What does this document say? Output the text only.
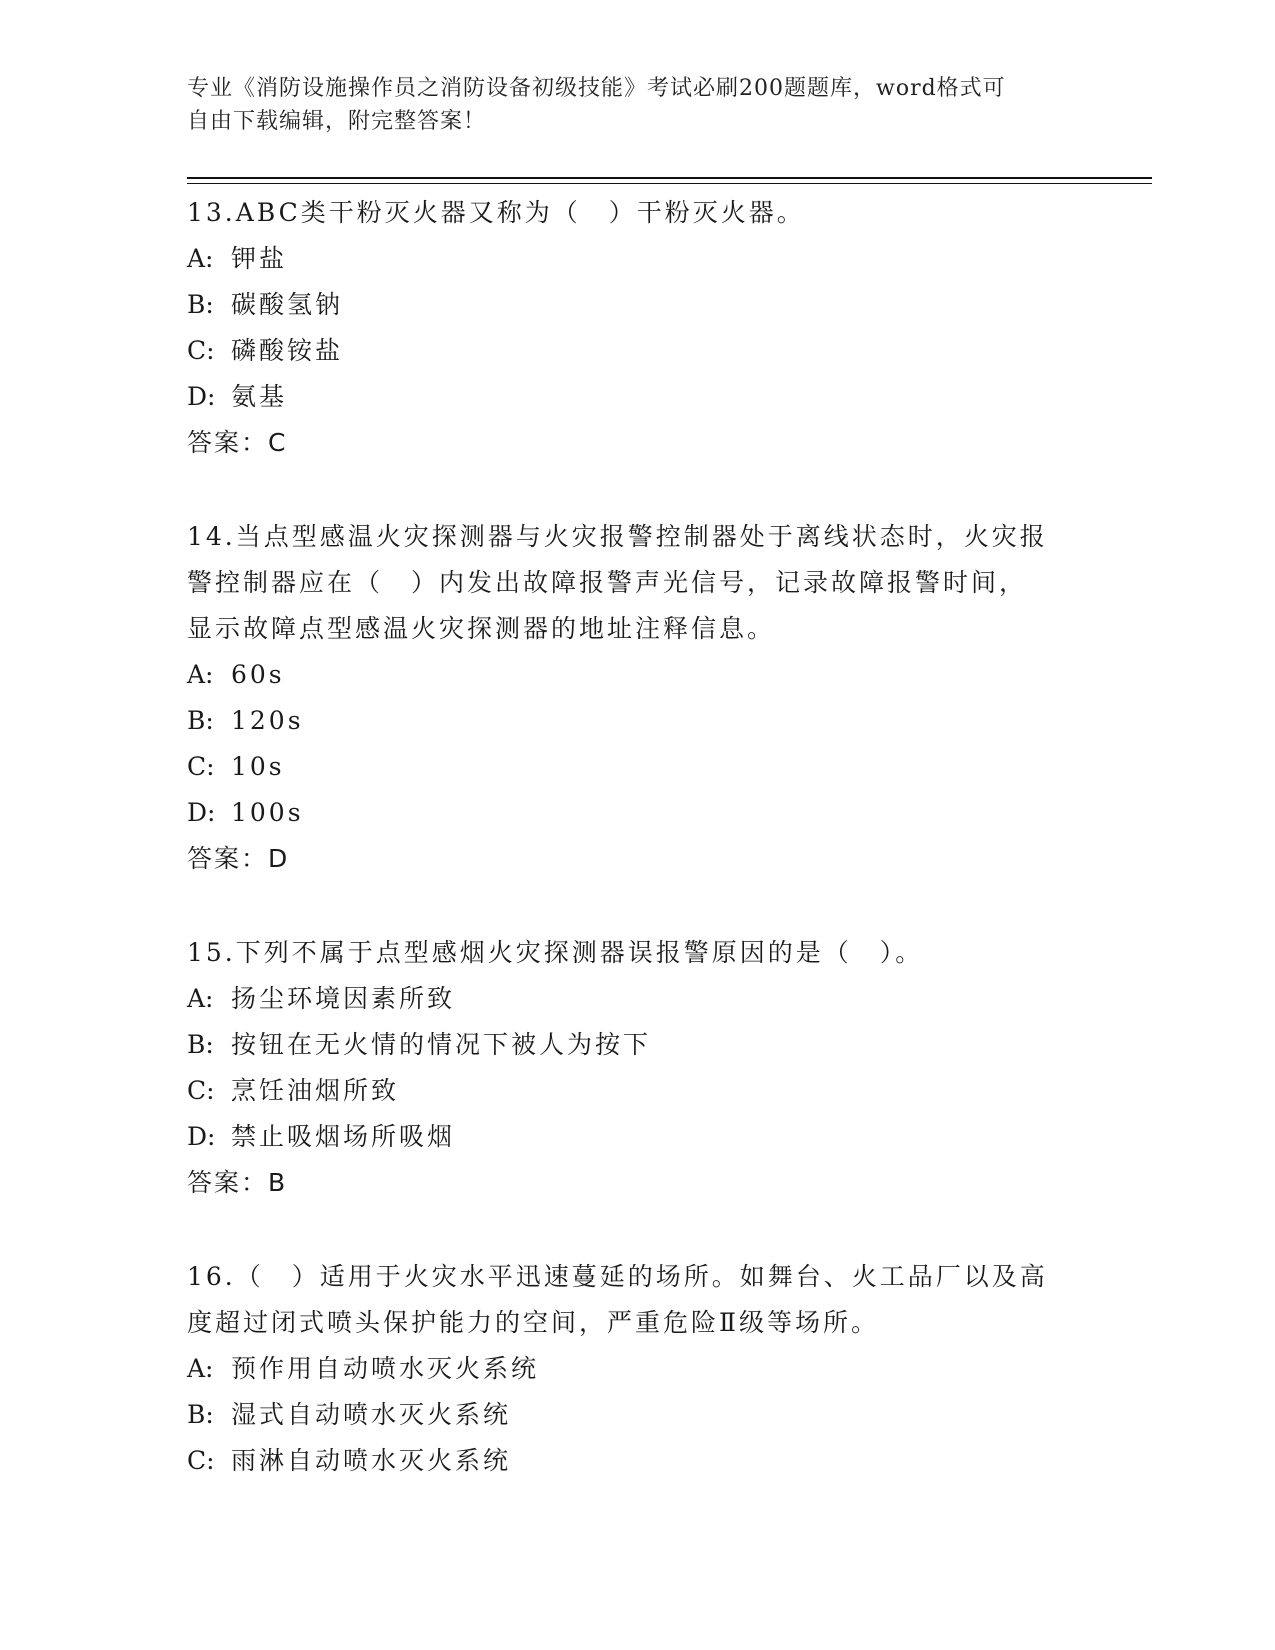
专业《消防设施操作员之消防设备初级技能》考试必刷200题题库，word格式可
自由下载编辑，附完整答案！
13.ABC类干粉灭火器又称为（　）干粉灭火器。
A: 钾盐
B: 碳酸氢钠
C: 磷酸铵盐
D: 氨基
答案：C
14.当点型感温火灾探测器与火灾报警控制器处于离线状态时，火灾报
警控制器应在（　）内发出故障报警声光信号，记录故障报警时间，
显示故障点型感温火灾探测器的地址注释信息。
A: 60s
B: 120s
C: 10s
D: 100s
答案：D
15.下列不属于点型感烟火灾探测器误报警原因的是（　）。
A: 扬尘环境因素所致
B: 按钮在无火情的情况下被人为按下
C: 烹饪油烟所致
D: 禁止吸烟场所吸烟
答案：B
16.（　）适用于火灾水平迅速蔓延的场所。如舞台、火工品厂以及高
度超过闭式喷头保护能力的空间，严重危险Ⅱ级等场所。
A: 预作用自动喷水灭火系统
B: 湿式自动喷水灭火系统
C: 雨淋自动喷水灭火系统
